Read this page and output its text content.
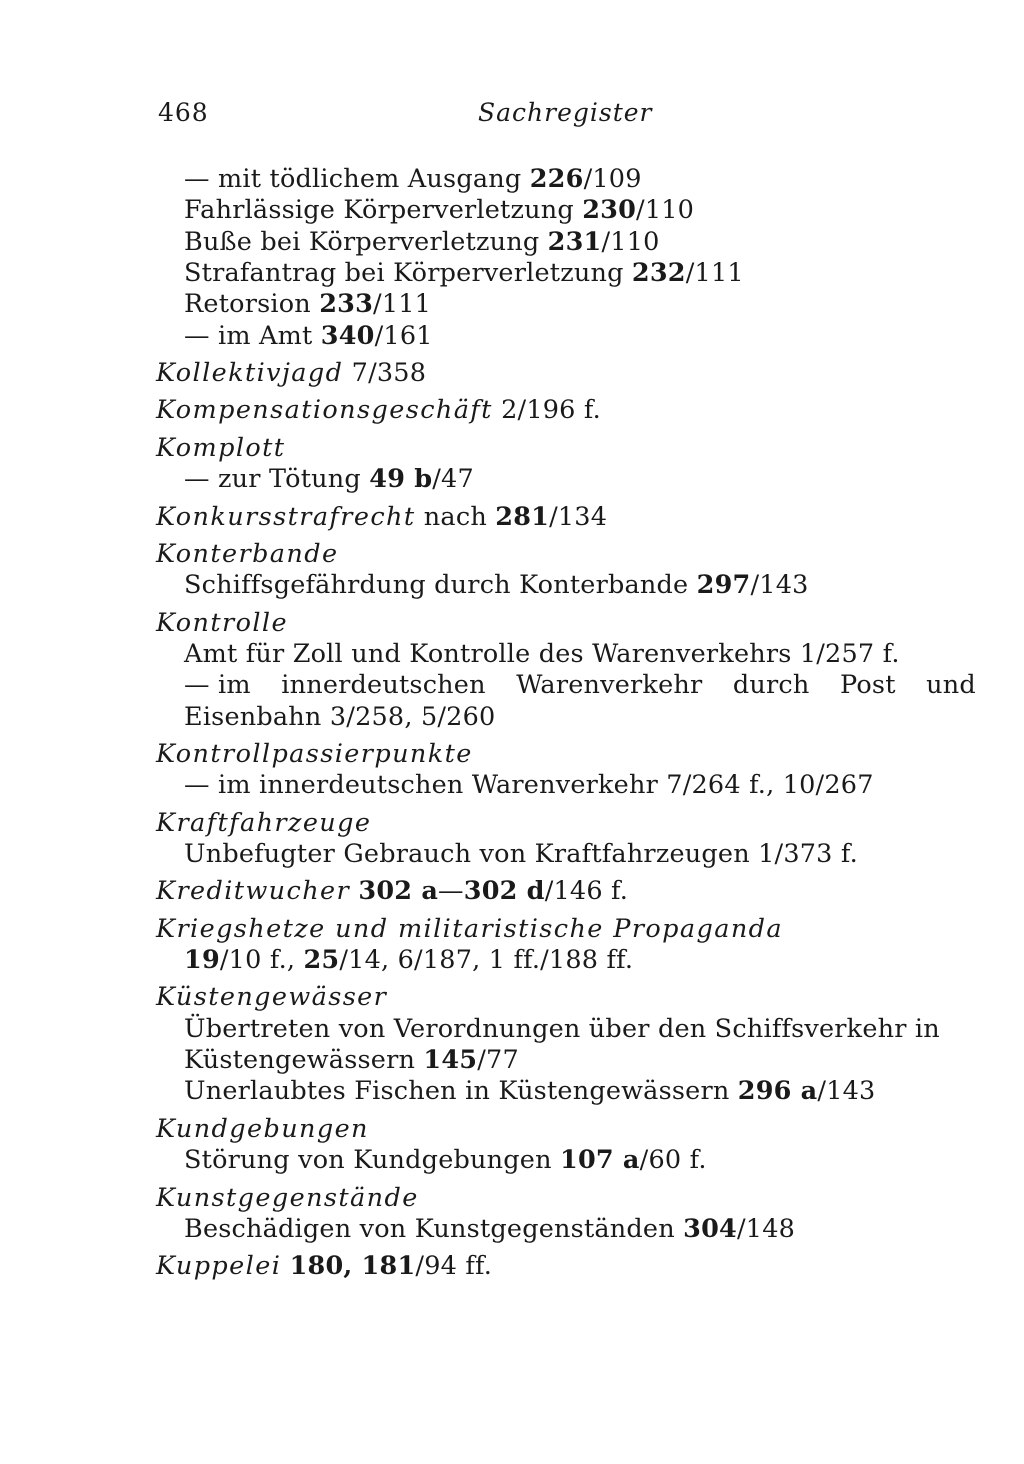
468	Sachregister
— mit tödlichem Ausgang 226/109
Fahrlässige Körperverletzung 230/110
Buße bei Körperverletzung 231/110
Strafantrag bei Körperverletzung 232/111
Retorsion 233/111
— im Amt 340/161
Kollektivjagd 7/358
Kompensationsgeschäft 2/196 f.
Komplott
— zur Tötung 49 b/47
Konkursstrafrecht nach 281/134
Konterbande
Schiffsgefährdung durch Konterbande 297/143
Kontrolle
Amt für Zoll und Kontrolle des Warenverkehrs 1/257 f.
— im innerdeutschen Warenverkehr durch Post und
Eisenbahn 3/258, 5/260
Kontrollpassierpunkte
— im innerdeutschen Warenverkehr 7/264 f., 10/267
Kraftfahrzeuge
Unbefugter Gebrauch von Kraftfahrzeugen 1/373 f.
Kreditwucher 302 a—302 d/146 f.
Kriegshetze und militaristische Propaganda
19/10 f., 25/14, 6/187, 1 ff./188 ff.
Küstengewässer
Übertreten von Verordnungen über den Schiffsverkehr in
Küstengewässern 145/77
Unerlaubtes Fischen in Küstengewässern 296 a/143
Kundgebungen
Störung von Kundgebungen 107 a/60 f.
Kunstgegenstände
Beschädigen von Kunstgegenständen 304/148
Kuppelei 180, 181/94 ff.
